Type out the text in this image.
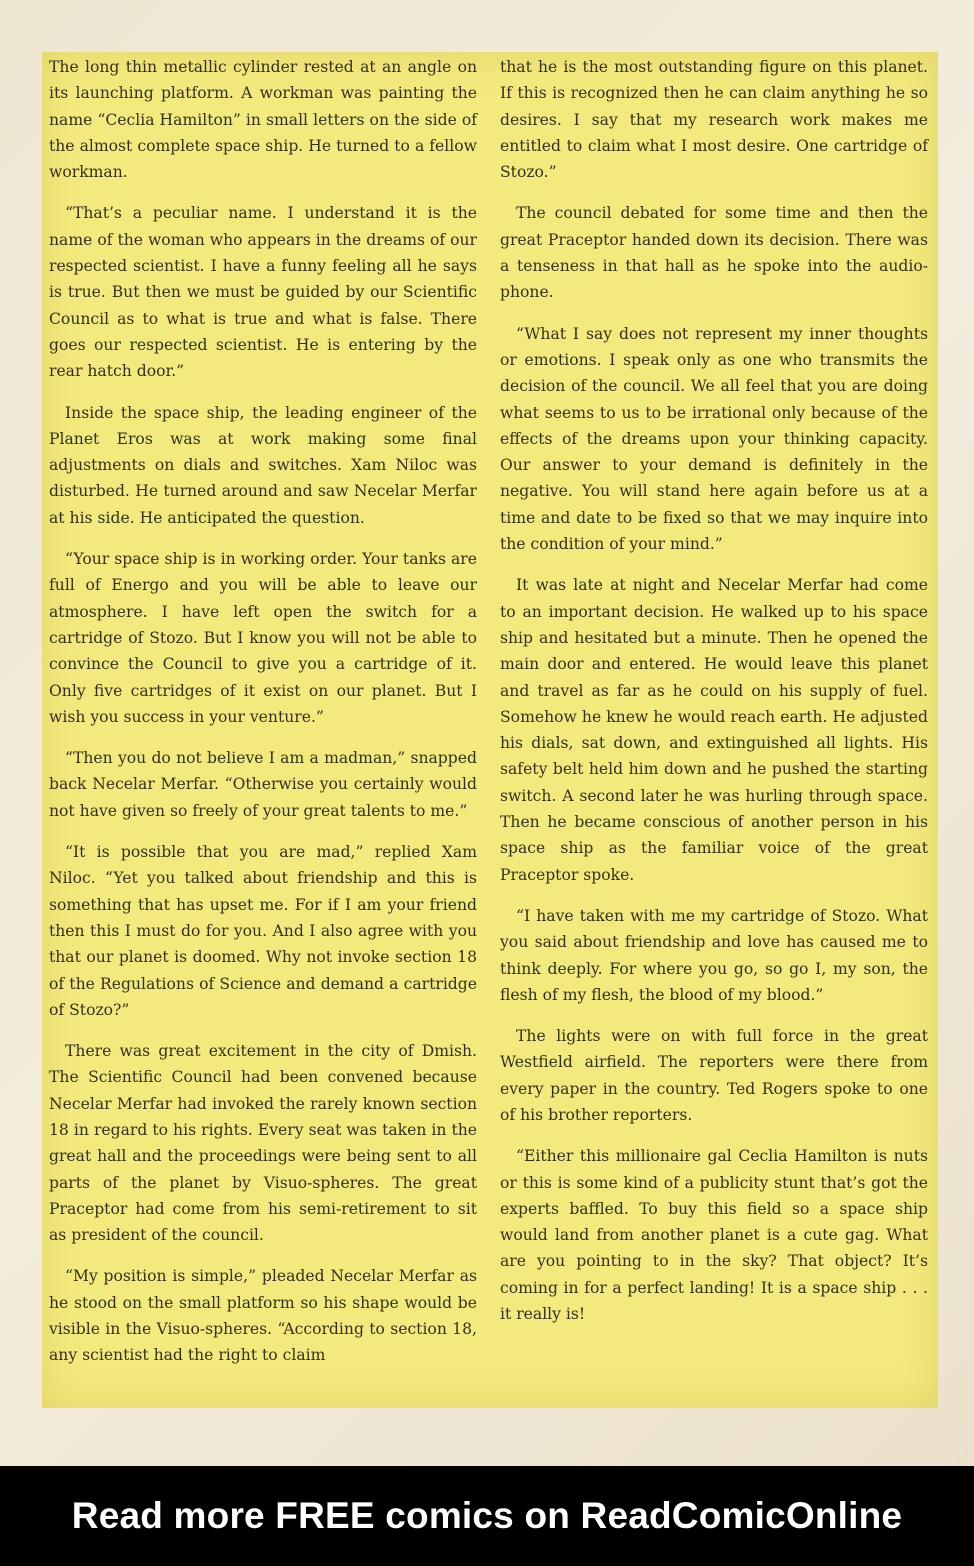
The long thin metallic cylinder rested at an angle on its launching platform. A workman was painting the name “Ceclia Hamilton” in small letters on the side of the almost complete space ship. He turned to a fellow workman.

“That’s a peculiar name. I understand it is the name of the woman who appears in the dreams of our respected scientist. I have a funny feeling all he says is true. But then we must be guided by our Scientific Council as to what is true and what is false. There goes our respected scientist. He is entering by the rear hatch door.”

Inside the space ship, the leading engineer of the Planet Eros was at work making some final adjustments on dials and switches. Xam Niloc was disturbed. He turned around and saw Necelar Merfar at his side. He anticipated the question.

“Your space ship is in working order. Your tanks are full of Energo and you will be able to leave our atmosphere. I have left open the switch for a cartridge of Stozo. But I know you will not be able to convince the Council to give you a cartridge of it. Only five cartridges of it exist on our planet. But I wish you success in your venture.”

“Then you do not believe I am a madman,” snapped back Necelar Merfar. “Otherwise you certainly would not have given so freely of your great talents to me.”

“It is possible that you are mad,” replied Xam Niloc. “Yet you talked about friendship and this is something that has upset me. For if I am your friend then this I must do for you. And I also agree with you that our planet is doomed. Why not invoke section 18 of the Regulations of Science and demand a cartridge of Stozo?”

There was great excitement in the city of Dmish. The Scientific Council had been convened because Necelar Merfar had invoked the rarely known section 18 in regard to his rights. Every seat was taken in the great hall and the proceedings were being sent to all parts of the planet by Visuo-spheres. The great Praceptor had come from his semi-retirement to sit as president of the council.

“My position is simple,” pleaded Necelar Merfar as he stood on the small platform so his shape would be visible in the Visuo-spheres. “According to section 18, any scientist had the right to claim

that he is the most outstanding figure on this planet. If this is recognized then he can claim anything he so desires. I say that my research work makes me entitled to claim what I most desire. One cartridge of Stozo.”

The council debated for some time and then the great Praceptor handed down its decision. There was a tenseness in that hall as he spoke into the audio-phone.

“What I say does not represent my inner thoughts or emotions. I speak only as one who transmits the decision of the council. We all feel that you are doing what seems to us to be irrational only because of the effects of the dreams upon your thinking capacity. Our answer to your demand is definitely in the negative. You will stand here again before us at a time and date to be fixed so that we may inquire into the condition of your mind.”

It was late at night and Necelar Merfar had come to an important decision. He walked up to his space ship and hesitated but a minute. Then he opened the main door and entered. He would leave this planet and travel as far as he could on his supply of fuel. Somehow he knew he would reach earth. He adjusted his dials, sat down, and extinguished all lights. His safety belt held him down and he pushed the starting switch. A second later he was hurling through space. Then he became conscious of another person in his space ship as the familiar voice of the great Praceptor spoke.

“I have taken with me my cartridge of Stozo. What you said about friendship and love has caused me to think deeply. For where you go, so go I, my son, the flesh of my flesh, the blood of my blood.”

The lights were on with full force in the great Westfield airfield. The reporters were there from every paper in the country. Ted Rogers spoke to one of his brother reporters.

“Either this millionaire gal Ceclia Hamilton is nuts or this is some kind of a publicity stunt that’s got the experts baffled. To buy this field so a space ship would land from another planet is a cute gag. What are you pointing to in the sky? That object? It’s coming in for a perfect landing! It is a space ship . . . it really is!

Read more FREE comics on ReadComicOnline
